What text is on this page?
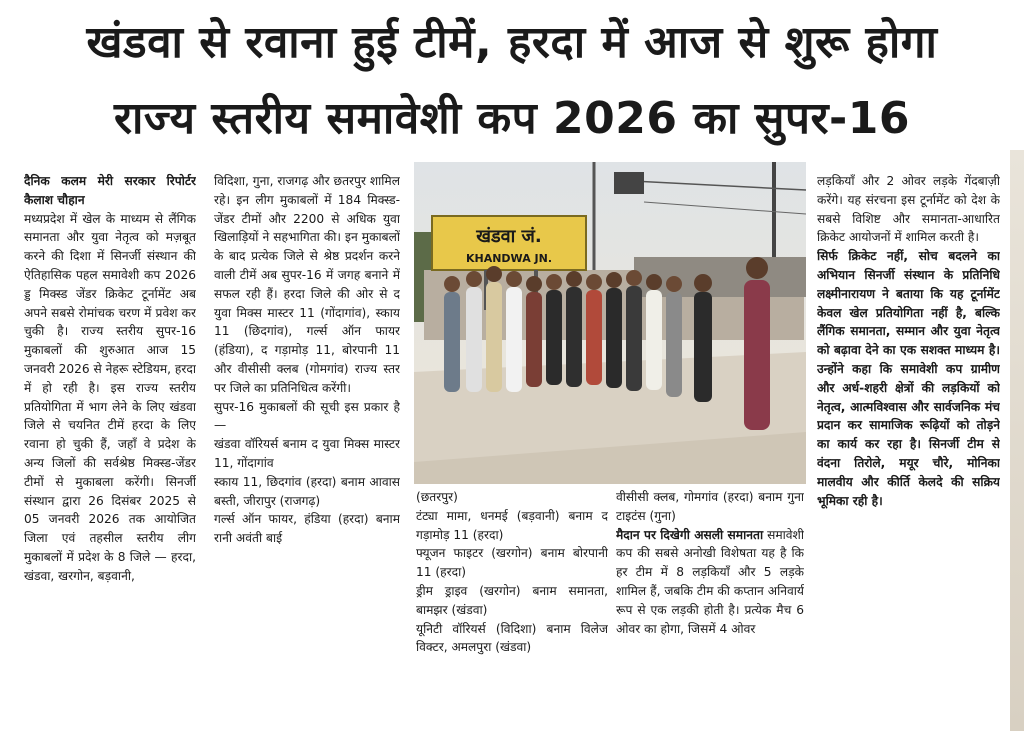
खंडवा से रवाना हुई टीमें, हरदा में आज से शुरू होगा
राज्य स्तरीय समावेशी कप 2026 का सुपर-16

दैनिक कलम मेरी सरकार रिपोर्टर कैलाश चौहान

मध्यप्रदेश में खेल के माध्यम से लैंगिक समानता और युवा नेतृत्व को मज़बूत करने की दिशा में सिनर्जी संस्थान की ऐतिहासिक पहल समावेशी कप 2026 ड्ड मिक्स्ड जेंडर क्रिकेट टूर्नामेंट अब अपने सबसे रोमांचक चरण में प्रवेश कर चुकी है। राज्य स्तरीय सुपर-16 मुकाबलों की शुरुआत आज 15 जनवरी 2026 से नेहरू स्टेडियम, हरदा में हो रही है। इस राज्य स्तरीय प्रतियोगिता में भाग लेने के लिए खंडवा जिले से चयनित टीमें हरदा के लिए रवाना हो चुकी हैं, जहाँ वे प्रदेश के अन्य जिलों की सर्वश्रेष्ठ मिक्स्ड-जेंडर टीमों से मुकाबला करेंगी। सिनर्जी संस्थान द्वारा 26 दिसंबर 2025 से 05 जनवरी 2026 तक आयोजित जिला एवं तहसील स्तरीय लीग मुकाबलों में प्रदेश के 8 जिले — हरदा, खंडवा, खरगोन, बड़वानी,

विदिशा, गुना, राजगढ़ और छतरपुर शामिल रहे। इन लीग मुकाबलों में 184 मिक्स्ड-जेंडर टीमों और 2200 से अधिक युवा खिलाड़ियों ने सहभागिता की। इन मुकाबलों के बाद प्रत्येक जिले से श्रेष्ठ प्रदर्शन करने वाली टीमें अब सुपर-16 में जगह बनाने में सफल रही हैं। हरदा जिले की ओर से द युवा मिक्स मास्टर 11 (गोंदागांव), स्काय 11 (छिदगांव), गर्ल्स ऑन फायर (हंडिया), द गड़ामोड़ 11, बोरपानी 11 और वीसीसी क्लब (गोमगांव) राज्य स्तर पर जिले का प्रतिनिधित्व करेंगी।

सुपर-16 मुकाबलों की सूची इस प्रकार है—

खंडवा वॉरियर्स बनाम द युवा मिक्स मास्टर 11, गोंदागांव

स्काय 11, छिदगांव (हरदा) बनाम आवास बस्ती, जीरापुर (राजगढ़)

गर्ल्स ऑन फायर, हंडिया (हरदा) बनाम रानी अवंती बाई

खंडवा जं.
KHANDWA JN.

(छतरपुर)

टंट्या मामा, धनमई (बड़वानी) बनाम द गड़ामोड़ 11 (हरदा)

फ्यूजन फाइटर (खरगोन) बनाम बोरपानी 11 (हरदा)

ड्रीम ड्राइव (खरगोन) बनाम समानता, बामझर (खंडवा)

यूनिटी वॉरियर्स (विदिशा) बनाम विलेज विक्टर, अमलपुरा (खंडवा)

वीसीसी क्लब, गोमगांव (हरदा) बनाम गुना टाइटंस (गुना)

मैदान पर दिखेगी असली समानता समावेशी कप की सबसे अनोखी विशेषता यह है कि हर टीम में 8 लड़कियाँ और 5 लड़के शामिल हैं, जबकि टीम की कप्तान अनिवार्य रूप से एक लड़की होती है। प्रत्येक मैच 6 ओवर का होगा, जिसमें 4 ओवर

लड़कियाँ और 2 ओवर लड़के गेंदबाज़ी करेंगे। यह संरचना इस टूर्नामेंट को देश के सबसे विशिष्ट और समानता-आधारित क्रिकेट आयोजनों में शामिल करती है।

सिर्फ क्रिकेट नहीं, सोच बदलने का अभियान सिनर्जी संस्थान के प्रतिनिधि लक्ष्मीनारायण ने बताया कि यह टूर्नामेंट केवल खेल प्रतियोगिता नहीं है, बल्कि लैंगिक समानता, सम्मान और युवा नेतृत्व को बढ़ावा देने का एक सशक्त माध्यम है। उन्होंने कहा कि समावेशी कप ग्रामीण और अर्ध-शहरी क्षेत्रों की लड़कियों को नेतृत्व, आत्मविश्वास और सार्वजनिक मंच प्रदान कर सामाजिक रूढ़ियों को तोड़ने का कार्य कर रहा है। सिनर्जी टीम से वंदना तिरोले, मयूर चौरे, मोनिका मालवीय और कीर्ति केलदे की सक्रिय भूमिका रही है।
